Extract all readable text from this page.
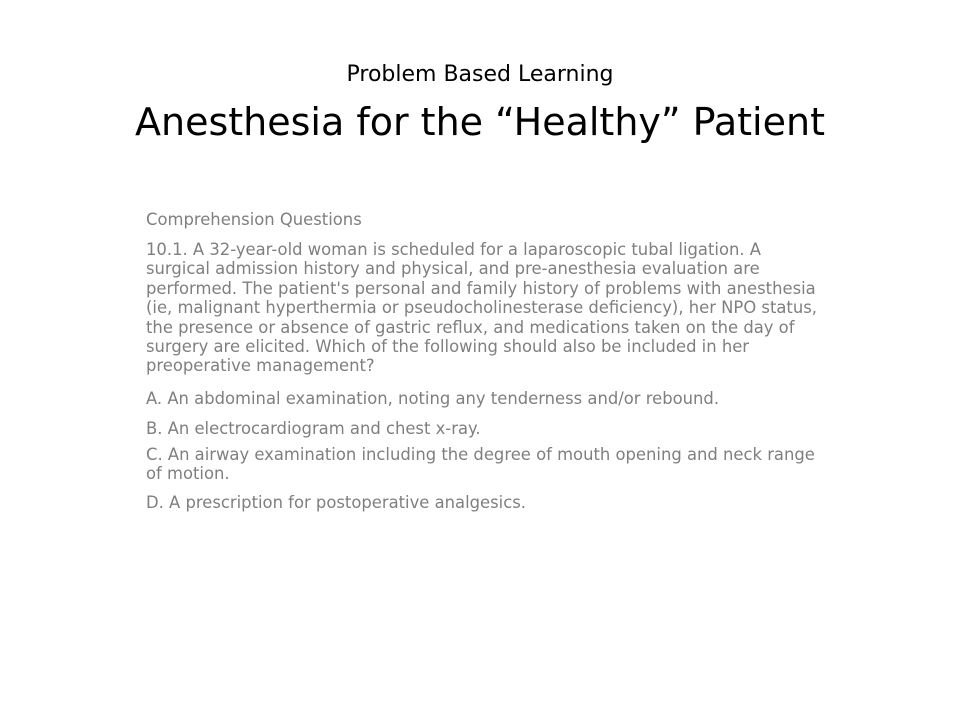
Problem Based Learning
Anesthesia for the “Healthy” Patient

Comprehension Questions

10.1. A 32-year-old woman is scheduled for a laparoscopic tubal ligation. A surgical admission history and physical, and pre-anesthesia evaluation are performed. The patient's personal and family history of problems with anesthesia (ie, malignant hyperthermia or pseudocholinesterase deficiency), her NPO status, the presence or absence of gastric reflux, and medications taken on the day of surgery are elicited. Which of the following should also be included in her preoperative management?

A. An abdominal examination, noting any tenderness and/or rebound.

B. An electrocardiogram and chest x-ray.

C. An airway examination including the degree of mouth opening and neck range of motion.

D. A prescription for postoperative analgesics.
